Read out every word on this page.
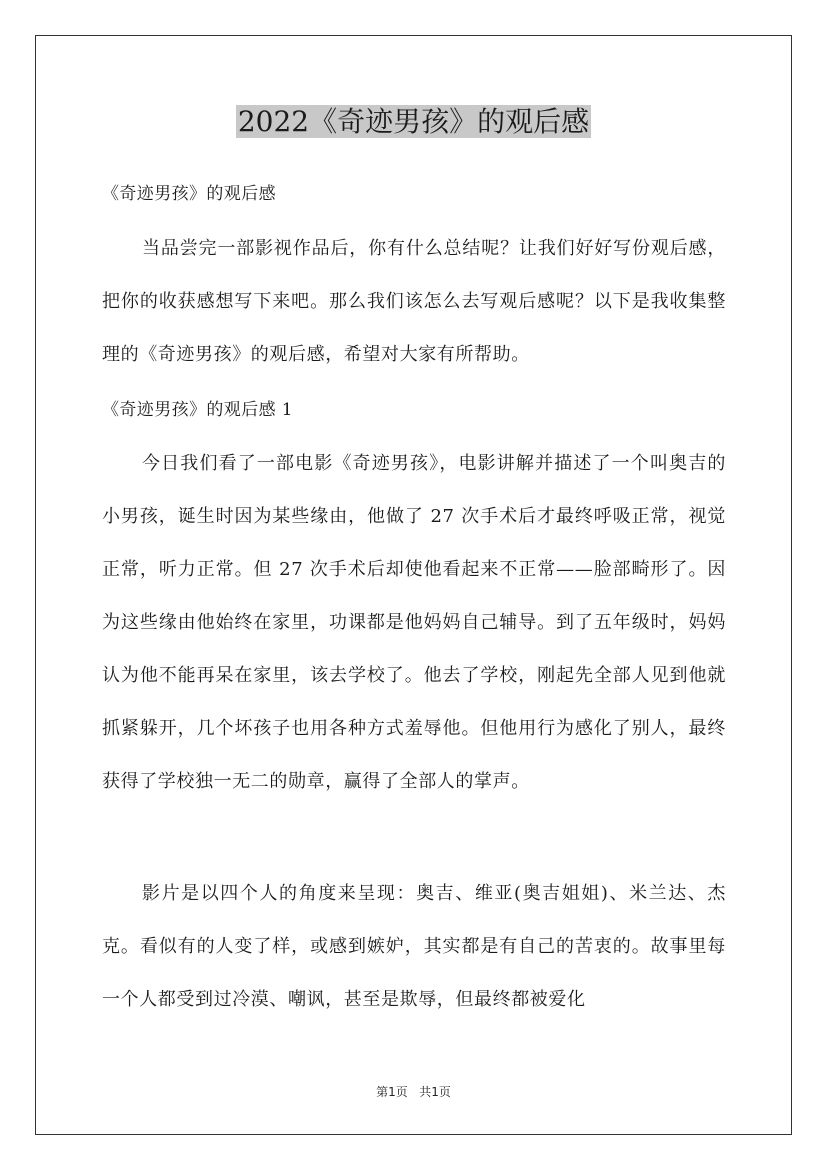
2022《奇迹男孩》的观后感

《奇迹男孩》的观后感

当品尝完一部影视作品后，你有什么总结呢？让我们好好写份观后感，把你的收获感想写下来吧。那么我们该怎么去写观后感呢？以下是我收集整理的《奇迹男孩》的观后感，希望对大家有所帮助。

《奇迹男孩》的观后感 1

今日我们看了一部电影《奇迹男孩》，电影讲解并描述了一个叫奥吉的小男孩，诞生时因为某些缘由，他做了 27 次手术后才最终呼吸正常，视觉正常，听力正常。但 27 次手术后却使他看起来不正常——脸部畸形了。因为这些缘由他始终在家里，功课都是他妈妈自己辅导。到了五年级时，妈妈认为他不能再呆在家里，该去学校了。他去了学校，刚起先全部人见到他就抓紧躲开，几个坏孩子也用各种方式羞辱他。但他用行为感化了别人，最终获得了学校独一无二的勋章，赢得了全部人的掌声。

影片是以四个人的角度来呈现：奥吉、维亚(奥吉姐姐)、米兰达、杰克。看似有的人变了样，或感到嫉妒，其实都是有自己的苦衷的。故事里每一个人都受到过冷漠、嘲讽，甚至是欺辱，但最终都被爱化

第1页 共1页
